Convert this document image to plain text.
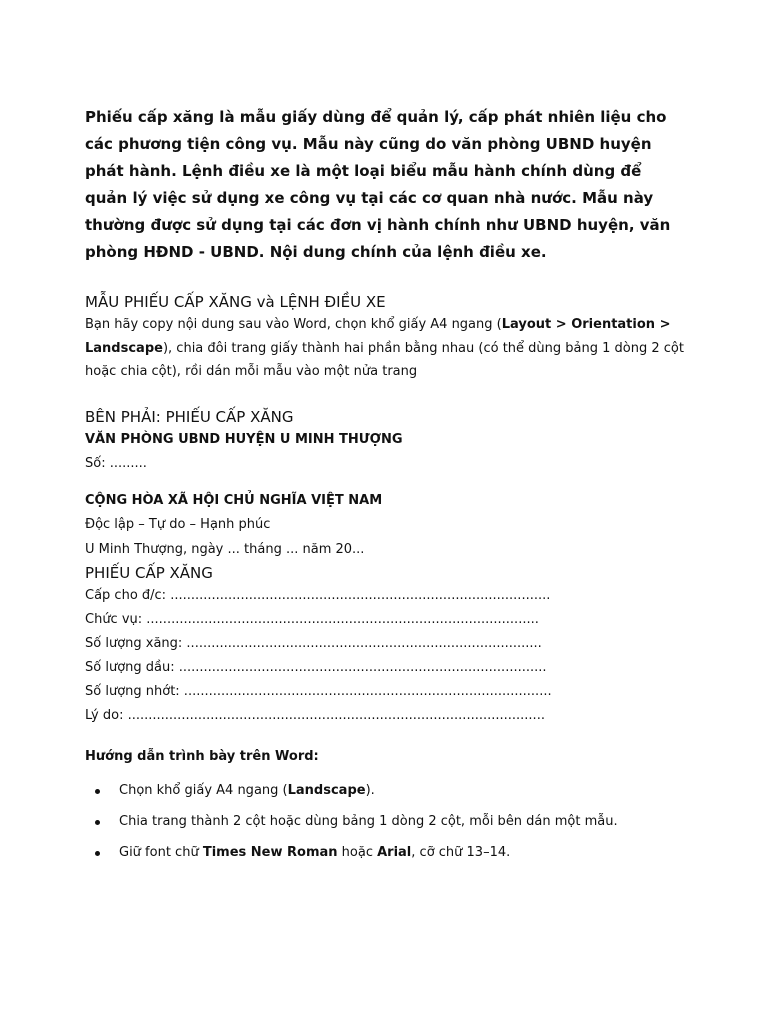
Phiếu cấp xăng là mẫu giấy dùng để quản lý, cấp phát nhiên liệu cho các phương tiện công vụ. Mẫu này cũng do văn phòng UBND huyện phát hành. Lệnh điều xe là một loại biểu mẫu hành chính dùng để quản lý việc sử dụng xe công vụ tại các cơ quan nhà nước. Mẫu này thường được sử dụng tại các đơn vị hành chính như UBND huyện, văn phòng HĐND - UBND. Nội dung chính của lệnh điều xe.

MẪU PHIẾU CẤP XĂNG và LỆNH ĐIỀU XE

Bạn hãy copy nội dung sau vào Word, chọn khổ giấy A4 ngang (Layout > Orientation > Landscape), chia đôi trang giấy thành hai phần bằng nhau (có thể dùng bảng 1 dòng 2 cột hoặc chia cột), rồi dán mỗi mẫu vào một nửa trang

BÊN PHẢI: PHIẾU CẤP XĂNG
VĂN PHÒNG UBND HUYỆN U MINH THƯỢNG
Số: .........
CỘNG HÒA XÃ HỘI CHỦ NGHĨA VIỆT NAM
Độc lập – Tự do – Hạnh phúc
U Minh Thượng, ngày ... tháng ... năm 20...
PHIẾU CẤP XĂNG
Cấp cho đ/c: ............................................................................................
Chức vụ: ...............................................................................................
Số lượng xăng: ......................................................................................
Số lượng dầu: .........................................................................................
Số lượng nhớt: .........................................................................................
Lý do: .....................................................................................................
Hướng dẫn trình bày trên Word:
Chọn khổ giấy A4 ngang (Landscape).
Chia trang thành 2 cột hoặc dùng bảng 1 dòng 2 cột, mỗi bên dán một mẫu.
Giữ font chữ Times New Roman hoặc Arial, cỡ chữ 13–14.
